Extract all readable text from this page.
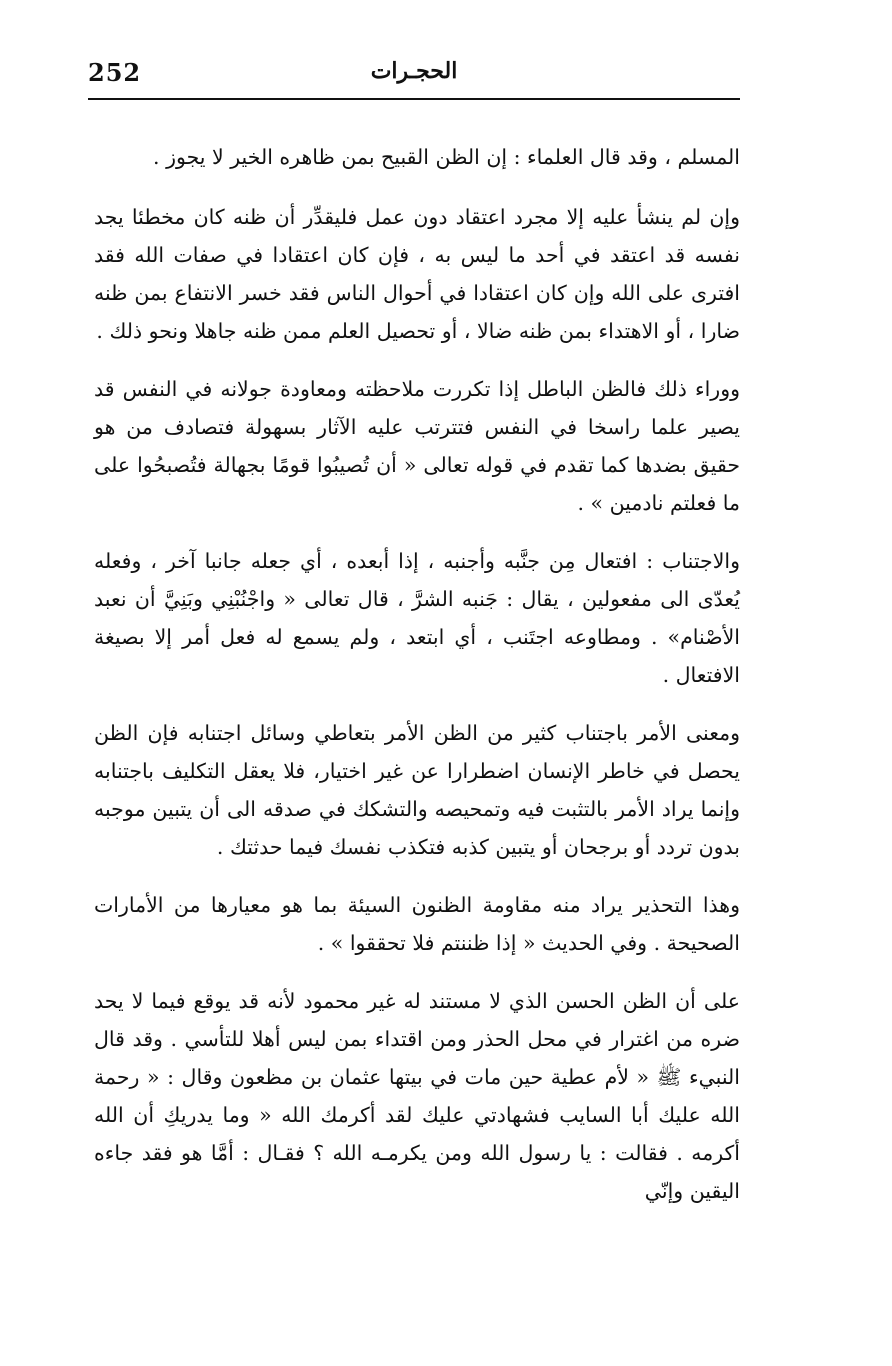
252	الحجـرات

المسلم ، وقد قال العلماء : إن الظن القبيح بمن ظاهره الخير لا يجوز .

وإن لم ينشأ عليه إلا مجرد اعتقاد دون عمل فليقدِّر أن ظنه كان مخطئا يجد نفسه قد اعتقد في أحد ما ليس به ، فإن كان اعتقادا في صفات الله فقد افترى على الله وإن كان اعتقادا في أحوال الناس فقد خسر الانتفاع بمن ظنه ضارا ، أو الاهتداء بمن ظنه ضالا ، أو تحصيل العلم ممن ظنه جاهلا ونحو ذلك .

ووراء ذلك فالظن الباطل إذا تكررت ملاحظته ومعاودة جولانه في النفس قد يصير علما راسخا في النفس فتترتب عليه الآثار بسهولة فتصادف من هو حقيق بضدها كما تقدم في قوله تعالى « أن تُصيبُوا قومًا بجهالة فتُصبحُوا على ما فعلتم نادمين » .

والاجتناب : افتعال مِن جنَّبه وأجنبه ، إذا أبعده ، أي جعله جانبا آخر ، وفعله يُعدّى الى مفعولين ، يقال : جَنبه الشرَّ ، قال تعالى « واجْنُبْنِي وبَنِيَّ أن نعبد الأصْنام» . ومطاوعه اجتَنب ، أي ابتعد ، ولم يسمع له فعل أمر إلا بصيغة الافتعال .

ومعنى الأمر باجتناب كثير من الظن الأمر بتعاطي وسائل اجتنابه فإن الظن يحصل في خاطر الإنسان اضطرارا عن غير اختيار، فلا يعقل التكليف باجتنابه وإنما يراد الأمر بالتثبت فيه وتمحيصه والتشكك في صدقه الى أن يتبين موجبه بدون تردد أو برجحان أو يتبين كذبه فتكذب نفسك فيما حدثتك .

وهذا التحذير يراد منه مقاومة الظنون السيئة بما هو معيارها من الأمارات الصحيحة . وفي الحديث « إذا ظننتم فلا تحققوا » .

على أن الظن الحسن الذي لا مستند له غير محمود لأنه قد يوقع فيما لا يحد ضره من اغترار في محل الحذر ومن اقتداء بمن ليس أهلا للتأسي . وقد قال النبيء ﷺ « لأم عطية حين مات في بيتها عثمان بن مظعون وقال : « رحمة الله عليك أبا السايب فشهادتي عليك لقد أكرمك الله « وما يدريكِ أن الله أكرمه . فقالت : يا رسول الله ومن يكرمـه الله ؟ فقـال : أمَّا هو فقد جاءه اليقين وإنّي
